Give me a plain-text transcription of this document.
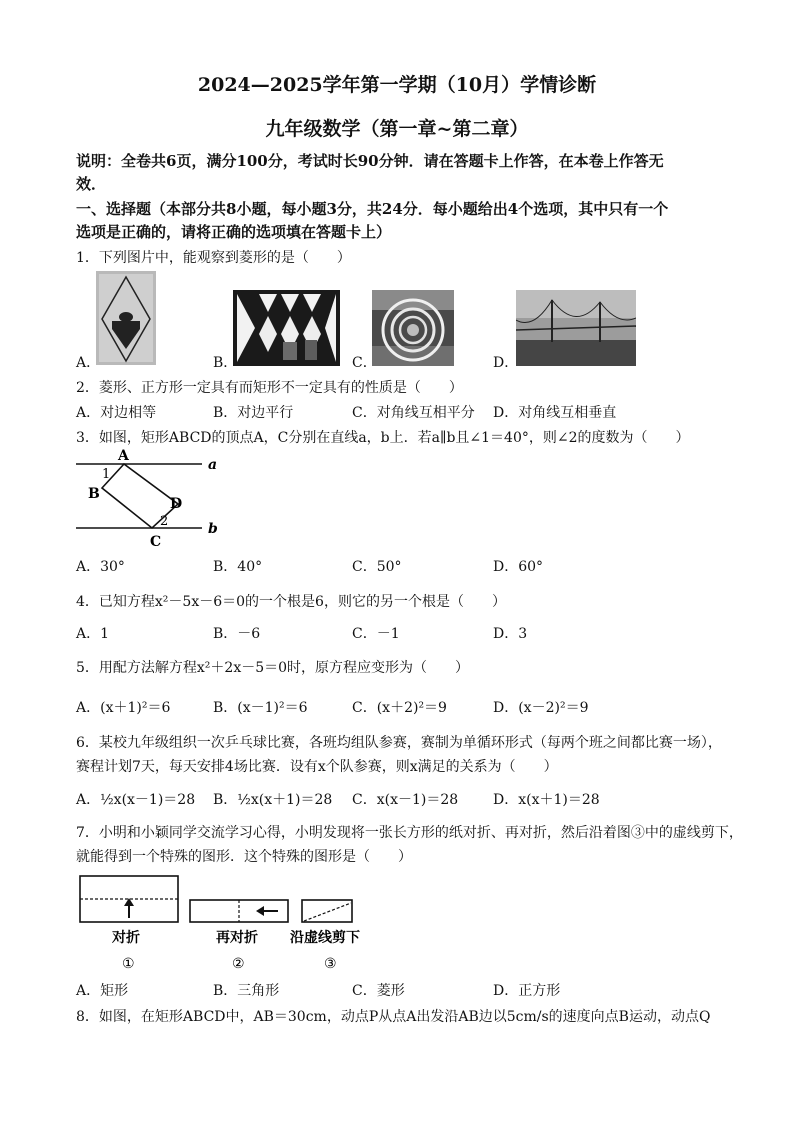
2024—2025学年第一学期（10月）学情诊断
九年级数学（第一章~第二章）
说明：全卷共6页，满分100分，考试时长90分钟．请在答题卡上作答，在本卷上作答无
效．
一、选择题（本部分共8小题，每小题3分，共24分．每小题给出4个选项，其中只有一个
选项是正确的，请将正确的选项填在答题卡上）
1．下列图片中，能观察到菱形的是（　　）
A．	B．	C．	D．
2．菱形、正方形一定具有而矩形不一定具有的性质是（　　）
A．对边相等	B．对边平行	C．对角线互相平分 D．对角线互相垂直
3．如图，矩形ABCD的顶点A，C分别在直线a，b上．若a∥b且∠1＝40°，则∠2的度数为（　　）
A
B
D
C
a
b
1
2
A．30°	B．40°	C．50°	D．60°
4．已知方程x²－5x－6＝0的一个根是6，则它的另一个根是（　　）
A．1	B．－6	C．－1	D．3
5．用配方法解方程x²＋2x－5＝0时，原方程应变形为（　　）
A．(x＋1)²＝6	B．(x－1)²＝6	C．(x＋2)²＝9	D．(x－2)²＝9
6．某校九年级组织一次乒乓球比赛，各班均组队参赛，赛制为单循环形式（每两个班之间都比赛一场），
赛程计划7天，每天安排4场比赛．设有x个队参赛，则x满足的关系为（　　）
A．½x(x－1)＝28 B．½x(x＋1)＝28 C．x(x－1)＝28 D．x(x＋1)＝28
7．小明和小颖同学交流学习心得，小明发现将一张长方形的纸对折、再对折，然后沿着图③中的虚线剪下，
就能得到一个特殊的图形．这个特殊的图形是（　　）
对折	再对折 沿虚线剪下
①	②	③
A．矩形	B．三角形	C．菱形	D．正方形
8．如图，在矩形ABCD中，AB＝30cm，动点P从点A出发沿AB边以5cm/s的速度向点B运动，动点Q
